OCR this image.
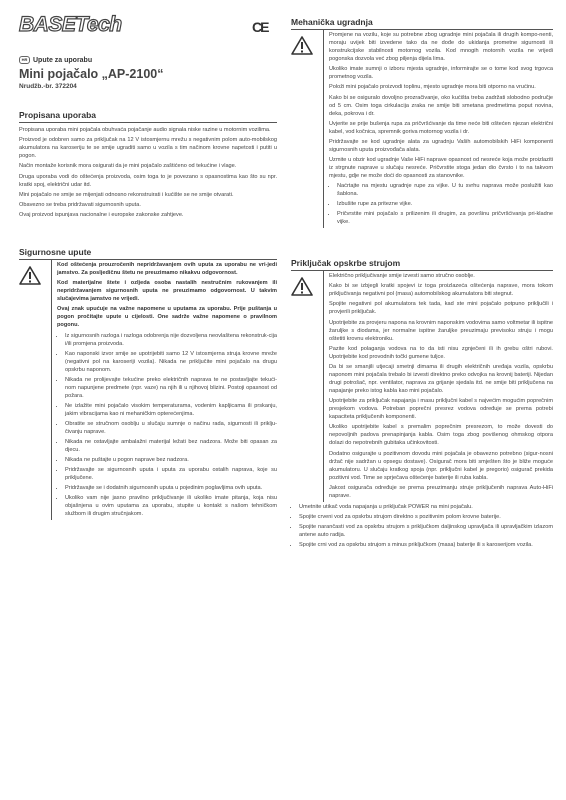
BASETech	CE
HR Upute za uporabu
Mini pojačalo „AP-2100“
Nrudžb.-br. 372204
Propisana uporaba

Propisana uporaba mini pojačala obuhvaća pojačanje audio signala niske razine u motornim vozilima.

Proizvod je odobren samo za priključak na 12 V istosmjernu mrežu s negativnim polom auto-mobilskog akumulatora na karoseriju te se smije ugraditi samo u vozila s tim načinom krovne napetosti i putiti u pogon.

Način montaže korisnik mora osigurati da je mini pojačalo zaštićeno od tekućine i vlage.

Druga uporaba vodi do oštećenja proizvoda, osim toga to je povezano s opasnostima kao što su npr. kratki spoj, električni udar itd.

Mini pojačalo ne smije se mijenjati odnosno rekonstruirati i kućište se ne smije otvarati.

Obavezno se treba pridržavati sigurnosnih uputa.

Ovaj proizvod ispunjava nacionalne i europske zakonske zahtjeve.

Sigurnosne upute

Kod oštećenja prouzročenih nepridržavanjem ovih uputa za uporabu ne vri-jedi jamstvo. Za posljedičnu štetu ne preuzimamo nikakvu odgovornost.

Kod materijalne štete i ozljeda osoba nastalih nestručnim rukovanjem ili nepridržavanjem sigurnosnih uputa ne preuzimamo odgovornost. U takvim slučajevima jamstvo ne vrijedi.

Ovaj znak upućuje na važne napomene u uputama za uporabu. Prije puštanja u pogon pročitajte upute u cijelosti. One sadrže važne napomene o pravilnom pogonu.

• Iz sigurnosnih razloga i razloga odobrenja nije dozvoljena neovlaštena rekonstruk-cija i/ili promjena proizvoda.
• Kao naponski izvor smije se upotrijebiti samo 12 V istosmjerna struja krovne mreže (negativni pol na karoseriji vozila). Nikada ne priključite mini pojačalo na drugu opskrbu naponom.
• Nikada ne prolijevajte tekućine preko električnih naprava te ne postavljajte tekući-nom napunjene predmete (npr. vaze) na njih ili u njihovoj blizini. Postoji opasnost od požara.
• Ne izlažite mini pojačalo visokim temperaturama, vodenim kapljicama ili prskanju, jakim vibracijama kao ni mehaničkim opterećenjima.
• Obratite se stručnom osoblju u slučaju sumnje o načinu rada, sigurnosti ili priklju-čivanju naprave.
• Nikada ne ostavljajte ambalažni materijal ležati bez nadzora. Može biti opasan za djecu.
• Nikada ne puštajte u pogon naprave bez nadzora.
• Pridržavajte se sigurnosnih uputa i uputa za uporabu ostalih naprava, koje su priključene.
• Pridržavajte se i dodatnih sigurnosnih uputa u pojedinim poglavljima ovih uputa.
• Ukoliko vam nije jasno pravilno priključivanje ili ukoliko imate pitanja, koja nisu objašnjena u ovim uputama za uporabu, stupite u kontakt s našom tehničkom službom ili drugim stručnjakom.
Mehanička ugradnja

Promjene na vozilu, koje su potrebne zbog ugradnje mini pojačala ili drugih kompo-nenti, moraju uvijek biti izvedene tako da ne dođe do ukidanja prometne sigurnosti ili konstrukcijske stabilnosti motornog vozila. Kod mnogih motornih vozila ne vrijedi pogonska dozvola već zbog piljenja dijela lima.

Ukoliko imate sumnji o izboru mjesta ugradnje, informirajte se o tome kod svog trgovca prometnog vozila.

Položi mini pojačalo proizvodi toplinu, mjesto ugradnje mora biti otporno na vrućinu.

Kako bi se osiguralo dovoljno prozračivanje, oko kućišta treba zadržati slobodno područje od 5 cm. Osim toga cirkulacija zraka ne smije biti smetana predmetima poput novina, deka, pokrova i dr.

Uvjerite se prije bušenja rupa za pričvršćivanje da time neće biti oštećen njezan električni kabel, vod kočnica, spremnik goriva motornog vozila i dr.

Pridržavajte se kod ugradnje alata za ugradnju Vaših automobilskih HiFi komponenti sigurnosnih uputa proizvođača alata.

Uzmite u obzir kod ugradnje Vaše HiFi naprave opasnost od nesreće koja može proizlaziti iz strgnute naprave u slučaju nesreće. Pričvrstite stoga jedan dio čvrsto i to na takvom mjestu, gdje ne može doći do opasnosti za stanovnike.

• Naćrtajte na mjestu ugradnje rupe za vijke. U tu svrhu naprava može poslužiti kao šablona.
• Izbušite rupe za pritezne vijke.
• Pričvrstite mini pojačalo s prilizenim ili drugim, za površinu pričvršćivanja pri-kladne vijke.
Priključak opskrbe strujom

Električno priključivanje smije izvesti samo stručno osoblje.

Kako bi se izbjegli kratki spojevi iz toga proizlazeća oštećenja naprave, mora tokom priključivanja negativni pol (masa) automobilskog akumulatora biti stegnut.

Spojite negativni pol akumulatora tek tada, kad ste mini pojačalo potpuno priključili i provjerili priključak.

Upotrijebite za provjeru napona na krovnim naponskim vodovima samo voltmetar ili ispitne žaruljke s diodama, jer normalne ispitne žaruljke preuzimaju previsoku struju i mogu oštetiti krovnu elektroniku.

Pazite kod polaganja vodova na to da isti nisu zgnječeni ili ih grebu oštri rubovi. Upotrijebite kod provodnih točki gumene tuljce.

Da bi se smanjili utjecaji smetnji dimama ili drugih električnih uređaja vozila, opskrbu naponom mini pojačala trebalo bi izvesti direktno preko odvojka na krovnij bateriji. Nijedan drugi potrošač, npr. ventilator, naprava za grijanje sjedala itd. ne smije biti priključena na napajanje preko istog kabla kao mini pojačalo.

Upotrijebite za priključak napajanja i masu priključni kabel s najvećim mogućim poprečnim presjekom vodova. Potreban poprečni presrez vodova određuje se prema potrebi kapaciteta priključenih komponenti.

Ukoliko upotrijebite kabel s premalim poprečnim presrezom, to može dovesti do nepovoljnih padova prenapinjanja kabla. Osim toga zbog povišenog ohmskog otpora dolazi do nepotrebnih gubitaka učinkovitosti.

Dodatno osigurajte u pozitivnom dovodu mini pojačala je obavezno potrebno (sigur-nosni držač nije sadržan u opsegu dostave). Osigurač mora biti smješten što je bliže moguće akumulatoru. U slučaju kratkog spoja (npr. priključni kabel je pregorio) osigurač prekida pozitivni vod. Time se sprječava oštećenje baterije ili ruba kabla.

Jakost osigurača određuje se prema preuzimanju struje priključenih naprava Auto-HiFi naprave.

• Umetnite utikač voda napajanja u priključak POWER na mini pojačalu.
• Spojite crveni vod za opskrbu strujom direktno s pozitivnim polom krovne baterije.
• Spojite narančasti vod za opskrbu strujom s priključkom daljinskog upravljača ili upravljačkim izlazom antene auto radija.
• Spojite crni vod za opskrbu strujom s minus priključkom (masa) baterije ili s karoserijom vozila.
